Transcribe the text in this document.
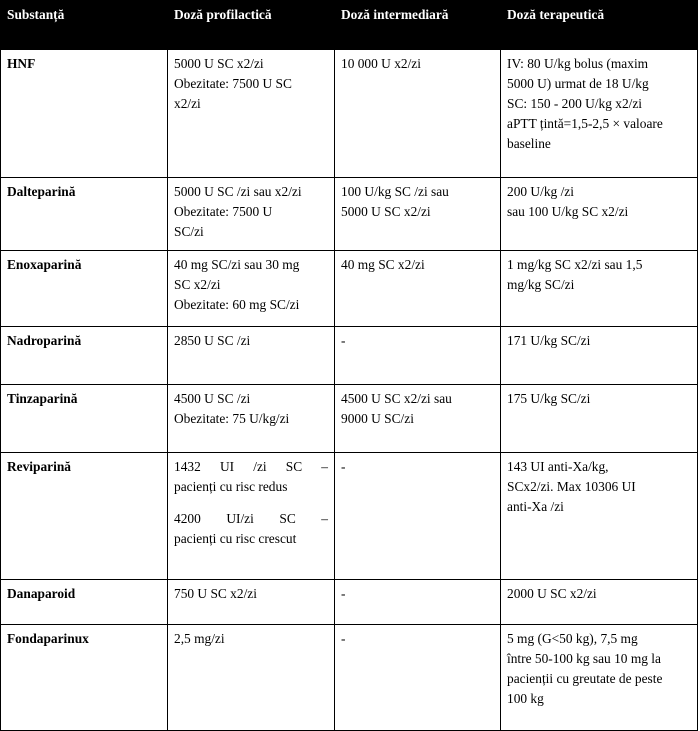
Substanță	Doză profilactică	Doză intermediară	Doză terapeutică
HNF	5000 U SC x2/zi
Obezitate: 7500 U SC
x2/zi	10 000 U x2/zi	IV: 80 U/kg bolus (maxim
5000 U) urmat de 18 U/kg
SC: 150 - 200 U/kg x2/zi
aPTT țintă=1,5-2,5 × valoare
baseline

Dalteparină	5000 U SC /zi sau x2/zi
Obezitate: 7500 U
SC/zi	100 U/kg SC /zi sau
5000 U SC x2/zi	200 U/kg /zi
sau 100 U/kg SC x2/zi

Enoxaparină	40 mg SC/zi sau 30 mg
SC x2/zi
Obezitate: 60 mg SC/zi	40 mg SC x2/zi	1 mg/kg SC x2/zi sau 1,5
mg/kg SC/zi

Nadroparină	2850 U SC /zi	-	171 U/kg SC/zi

Tinzaparină	4500 U SC /zi
Obezitate: 75 U/kg/zi	4500 U SC x2/zi sau
9000 U SC/zi	175 U/kg SC/zi

Reviparină	1432 UI /zi SC –
pacienți cu risc redus
4200 UI/zi SC –
pacienți cu risc crescut	-	143 UI anti-Xa/kg,
SCx2/zi. Max 10306 UI
anti-Xa /zi

Danaparoid	750 U SC x2/zi	-	2000 U SC x2/zi

Fondaparinux	2,5 mg/zi	-	5 mg (G<50 kg), 7,5 mg
între 50-100 kg sau 10 mg la
pacienții cu greutate de peste
100 kg
